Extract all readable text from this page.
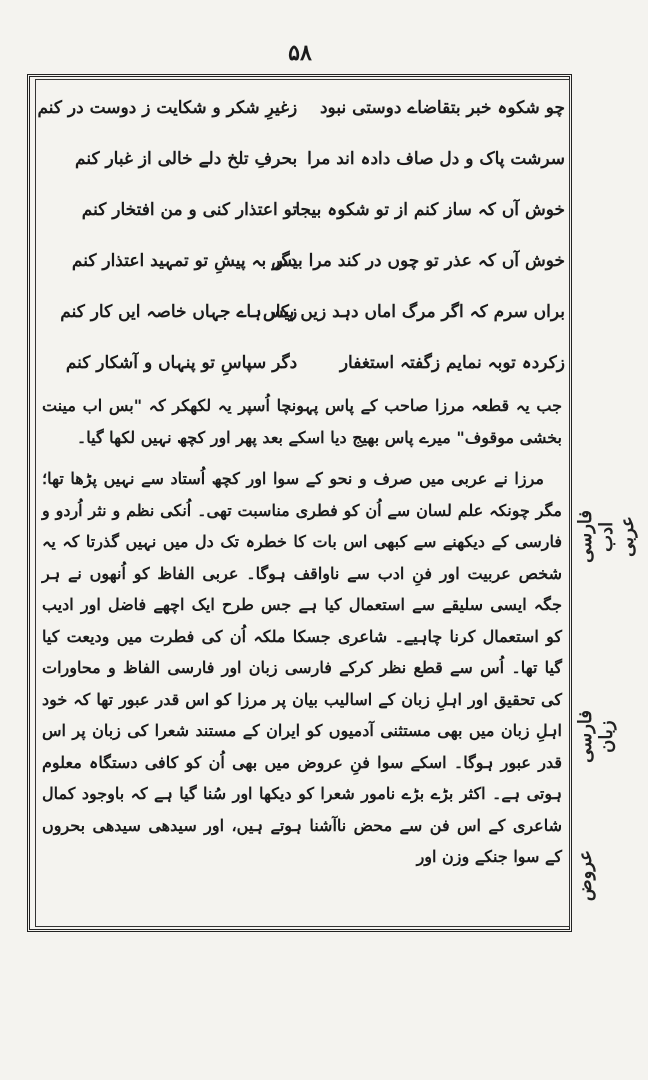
۵۸
چو شکوہ خبر بتقاضاے دوستی نبود
زغیرِ شکر و شکایت ز دوست در کنم
سرشت پاک و دل صاف دادہ اند مرا
بحرفِ تلخ دلے خالی از غبار کنم
خوش آں کہ ساز کنم از تو شکوہ بیجا
تو اعتذار کنی و من افتخار کنم
خوش آں کہ عذر تو چوں در کند مرا بیس
دگر بہ پیشِ تو تمہید اعتذار کنم
براں سرم کہ اگر مرگ اماں دہد زیں پیس
زکار ہاے جہاں خاصہ ایں کار کنم
زکردہ توبہ نمایم زگفتہ استغفار
دگر سپاسِ تو پنہاں و آشکار کنم

جب یہ قطعہ مرزا صاحب کے پاس پہونچا اُسپر یہ لکھکر کہ "بس اب مینت بخشی موقوف" میرے پاس بھیج دیا اسکے بعد پھر اور کچھ نہیں لکھا گیا۔

مرزا نے عربی میں صرف و نحو کے سوا اور کچھ اُستاد سے نہیں پڑھا تھا؛ مگر چونکہ علم لسان سے اُن کو فطری مناسبت تھی۔ اُنکی نظم و نثر اُردو و فارسی کے دیکھنے سے کبھی اس بات کا خطرہ تک دل میں نہیں گذرتا کہ یہ شخص عربیت اور فنِ ادب سے ناواقف ہوگا۔ عربی الفاظ کو اُنھوں نے ہر جگہ ایسی سلیقے سے استعمال کیا ہے جس طرح ایک اچھے فاضل اور ادیب کو استعمال کرنا چاہیے۔ شاعری جسکا ملکہ اُن کی فطرت میں ودیعت کیا گیا تھا۔ اُس سے قطع نظر کرکے فارسی زبان اور فارسی الفاظ و محاورات کی تحقیق اور اہلِ زبان کے اسالیب بیان پر مرزا کو اس قدر عبور تھا کہ خود اہلِ زبان میں بھی مستثنی آدمیوں کو ایران کے مستند شعرا کی زبان پر اس قدر عبور ہوگا۔ اسکے سوا فنِ عروض میں بھی اُن کو کافی دستگاہ معلوم ہوتی ہے۔ اکثر بڑے بڑے نامور شعرا کو دیکھا اور سُنا گیا ہے کہ باوجود کمال شاعری کے اس فن سے محض ناآشنا ہوتے ہیں، اور سیدھی سیدھی بحروں کے سوا جنکے وزن اور

فارسی ادب عربی
فارسی زبان
عروض
